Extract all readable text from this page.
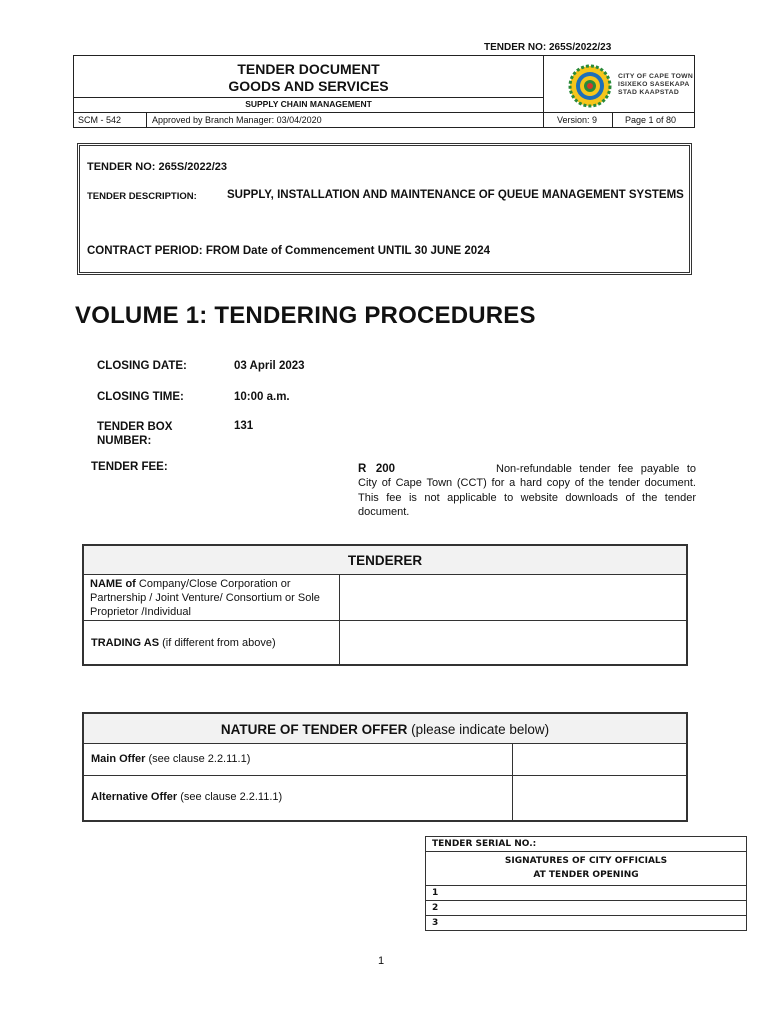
TENDER NO: 265S/2022/23
TENDER DOCUMENT
GOODS AND SERVICES
SUPPLY CHAIN MANAGEMENT
SCM - 542	Approved by Branch Manager: 03/04/2020	Version: 9	Page 1 of 80
CITY OF CAPE TOWN
ISIXEKO SASEKAPA
STAD KAAPSTAD
TENDER NO: 265S/2022/23
TENDER DESCRIPTION:	SUPPLY, INSTALLATION AND MAINTENANCE OF QUEUE MANAGEMENT SYSTEMS
CONTRACT PERIOD: FROM Date of Commencement UNTIL 30 JUNE 2024
VOLUME 1: TENDERING PROCEDURES
CLOSING DATE:	03 April 2023
CLOSING TIME:	10:00 a.m.
TENDER BOX NUMBER:
131
TENDER FEE:	R   200	Non-refundable tender fee payable to City of Cape Town (CCT) for a hard copy of the tender document. This fee is not applicable to website downloads of the tender document.
TENDERER
NAME of Company/Close Corporation or Partnership / Joint Venture/ Consortium or Sole Proprietor /Individual
TRADING AS (if different from above)
NATURE OF TENDER OFFER (please indicate below)
Main Offer (see clause 2.2.11.1)
Alternative Offer (see clause 2.2.11.1)
TENDER SERIAL NO.:
SIGNATURES OF CITY OFFICIALS
AT TENDER OPENING
1
2
3
1
